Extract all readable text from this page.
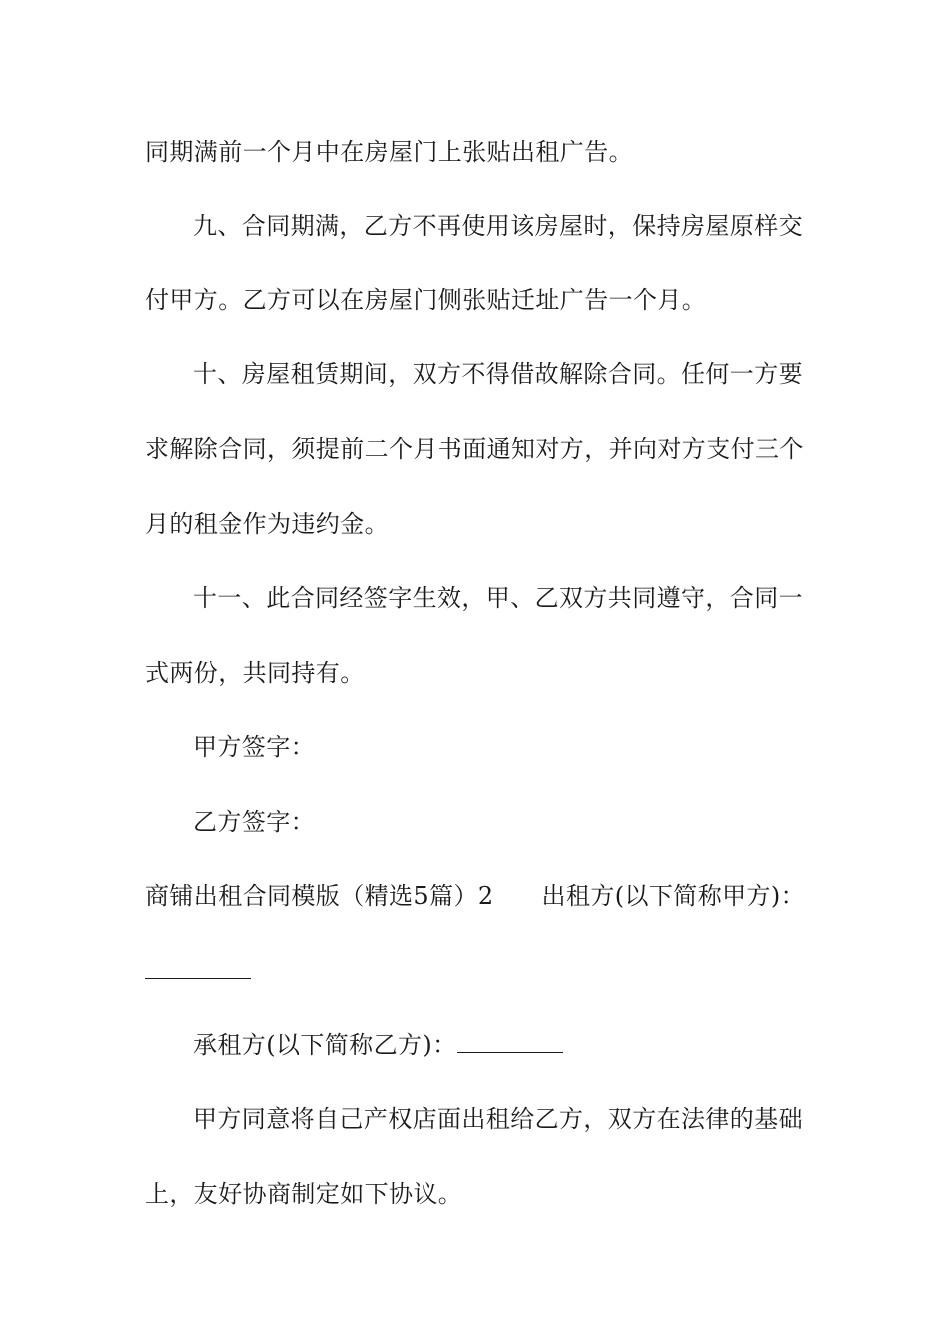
同期满前一个月中在房屋门上张贴出租广告。
九、合同期满，乙方不再使用该房屋时，保持房屋原样交
付甲方。乙方可以在房屋门侧张贴迁址广告一个月。
十、房屋租赁期间，双方不得借故解除合同。任何一方要
求解除合同，须提前二个月书面通知对方，并向对方支付三个
月的租金作为违约金。
十一、此合同经签字生效，甲、乙双方共同遵守，合同一
式两份，共同持有。
甲方签字：
乙方签字：
商铺出租合同模版（精选5篇）2 出租方(以下简称甲方)：
承租方(以下简称乙方)：
甲方同意将自己产权店面出租给乙方，双方在法律的基础
上，友好协商制定如下协议。
